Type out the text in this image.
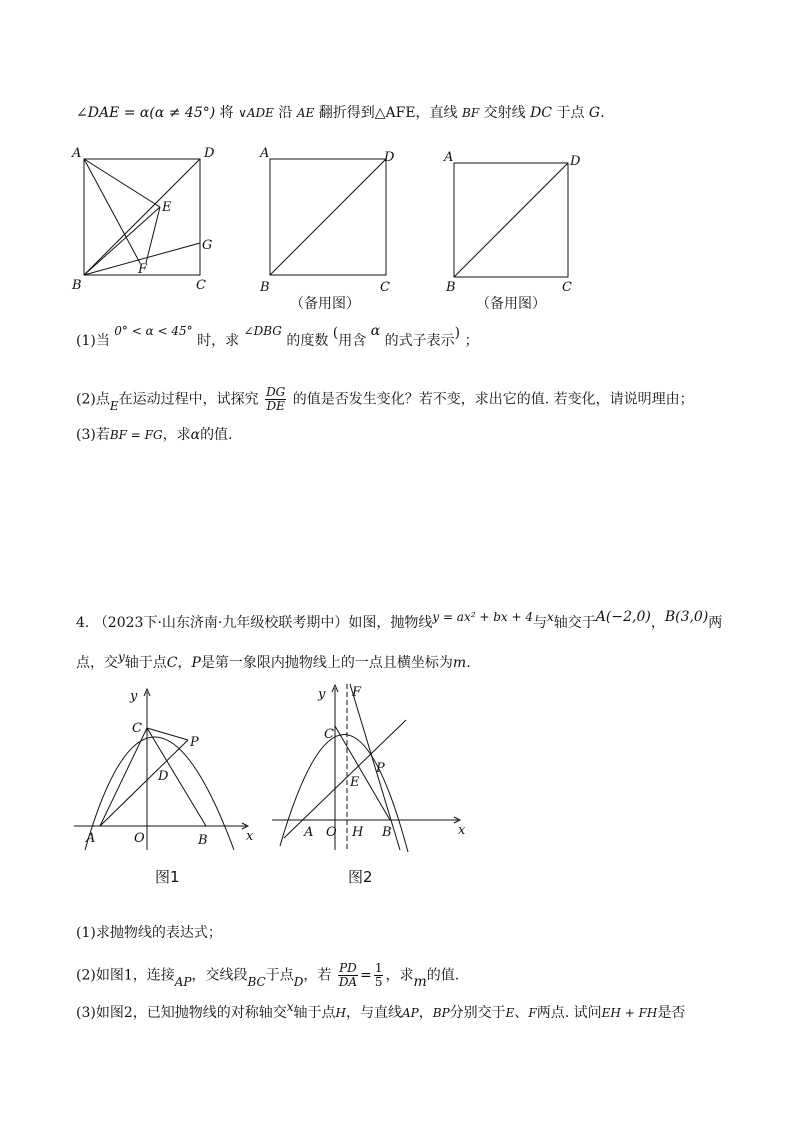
∠DAE = α(α ≠ 45°) 将 ∨ADE 沿 AE 翻折得到△AFE，直线 BF 交射线 DC 于点 G.
A	D
B	C
E
F
G
A	D
B	C
（备用图）
A	D
B	C
（备用图）
(1)当 0° < α < 45° 时，求 ∠DBG 的度数 (用含 α 的式子表示) ；
(2)点E在运动过程中，试探究 $\frac{DG}{DE}$ 的值是否发生变化？若不变，求出它的值. 若变化，请说明理由；
(3)若BF = FG，求α的值.
4. （2023下·山东济南·九年级校联考期中）如图，抛物线y = ax² + bx + 4与x轴交于A(−2,0)，B(3,0)两
点，交y轴于点C，P是第一象限内抛物线上的一点且横坐标为m.
y
x
C
P
D
A	O	B
图1
y
x
F
C
P
E
A O H B
图2
(1)求抛物线的表达式；
(2)如图1，连接AP，交线段BC于点D，若 $\frac{PD}{DA} = \frac{1}{5}$ ，求m的值.
(3)如图2，已知抛物线的对称轴交x轴于点H，与直线AP，BP分别交于E、F两点. 试问EH + FH是否
